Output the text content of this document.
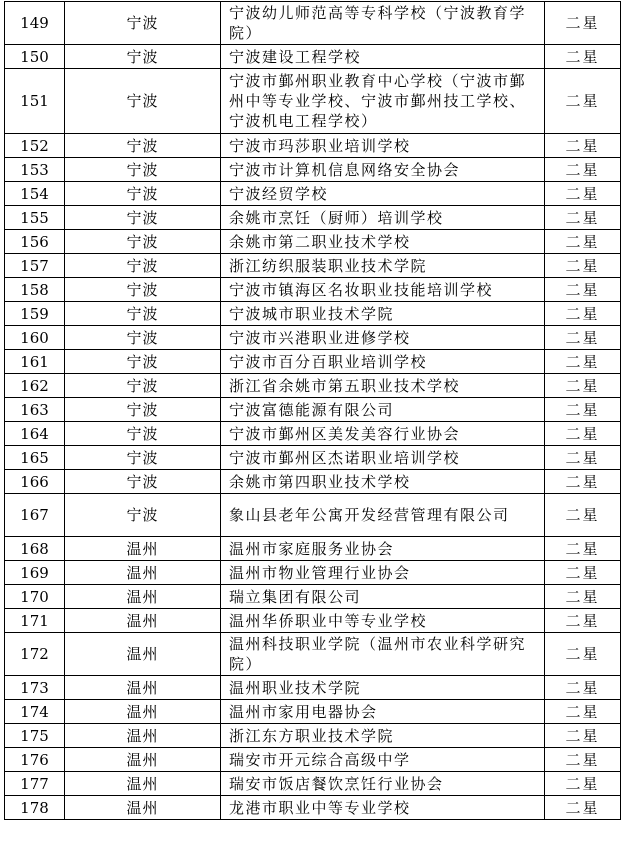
149	宁波	宁波幼儿师范高等专科学校（宁波教育学院）	二星
150	宁波	宁波建设工程学校	二星
151	宁波	宁波市鄞州职业教育中心学校（宁波市鄞州中等专业学校、宁波市鄞州技工学校、宁波机电工程学校）	二星
152	宁波	宁波市玛莎职业培训学校	二星
153	宁波	宁波市计算机信息网络安全协会	二星
154	宁波	宁波经贸学校	二星
155	宁波	余姚市烹饪（厨师）培训学校	二星
156	宁波	余姚市第二职业技术学校	二星
157	宁波	浙江纺织服装职业技术学院	二星
158	宁波	宁波市镇海区名妆职业技能培训学校	二星
159	宁波	宁波城市职业技术学院	二星
160	宁波	宁波市兴港职业进修学校	二星
161	宁波	宁波市百分百职业培训学校	二星
162	宁波	浙江省余姚市第五职业技术学校	二星
163	宁波	宁波富德能源有限公司	二星
164	宁波	宁波市鄞州区美发美容行业协会	二星
165	宁波	宁波市鄞州区杰诺职业培训学校	二星
166	宁波	余姚市第四职业技术学校	二星
167	宁波	象山县老年公寓开发经营管理有限公司	二星
168	温州	温州市家庭服务业协会	二星
169	温州	温州市物业管理行业协会	二星
170	温州	瑞立集团有限公司	二星
171	温州	温州华侨职业中等专业学校	二星
172	温州	温州科技职业学院（温州市农业科学研究院）	二星
173	温州	温州职业技术学院	二星
174	温州	温州市家用电器协会	二星
175	温州	浙江东方职业技术学院	二星
176	温州	瑞安市开元综合高级中学	二星
177	温州	瑞安市饭店餐饮烹饪行业协会	二星
178	温州	龙港市职业中等专业学校	二星
